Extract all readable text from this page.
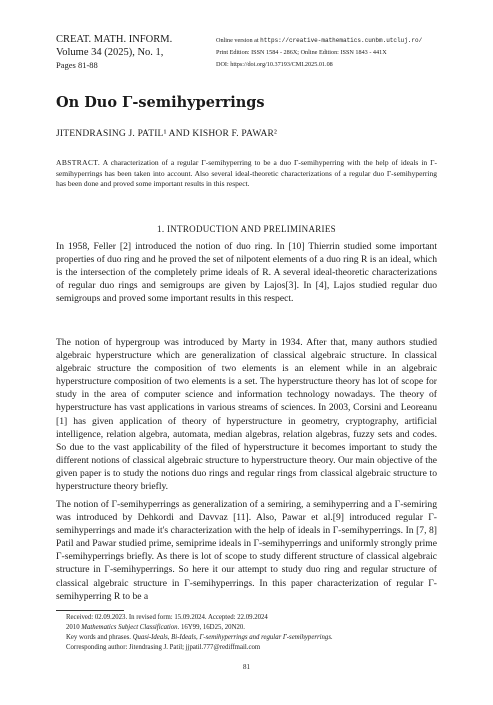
CREAT. MATH. INFORM.
Volume 34 (2025), No. 1,
Pages 81-88
Online version at https://creative-mathematics.cunbm.utcluj.ro/
Print Edition: ISSN 1584 - 286X; Online Edition: ISSN 1843 - 441X
DOI: https://doi.org/10.37193/CMI.2025.01.08
On Duo Γ-semihyperrings
JITENDRASING J. PATIL¹ AND KISHOR F. PAWAR²
ABSTRACT. A characterization of a regular Γ-semihyperring to be a duo Γ-semihyperring with the help of ideals in Γ-semihyperrings has been taken into account. Also several ideal-theoretic characterizations of a regular duo Γ-semihyperring has been done and proved some important results in this respect.
1. INTRODUCTION AND PRELIMINARIES
In 1958, Feller [2] introduced the notion of duo ring. In [10] Thierrin studied some important properties of duo ring and he proved the set of nilpotent elements of a duo ring R is an ideal, which is the intersection of the completely prime ideals of R. A several ideal-theoretic characterizations of regular duo rings and semigroups are given by Lajos[3]. In [4], Lajos studied regular duo semigroups and proved some important results in this respect.
The notion of hypergroup was introduced by Marty in 1934. After that, many authors studied algebraic hyperstructure which are generalization of classical algebraic structure. In classical algebraic structure the composition of two elements is an element while in an algebraic hyperstructure composition of two elements is a set. The hyperstructure theory has lot of scope for study in the area of computer science and information technology nowadays. The theory of hyperstructure has vast applications in various streams of sciences. In 2003, Corsini and Leoreanu [1] has given application of theory of hyperstructure in geometry, cryptography, artificial intelligence, relation algebra, automata, median algebras, relation algebras, fuzzy sets and codes. So due to the vast applicability of the filed of hyperstructure it becomes important to study the different notions of classical algebraic structure to hyperstructure theory. Our main objective of the given paper is to study the notions duo rings and regular rings from classical algebraic structure to hyperstructure theory briefly.
The notion of Γ-semihyperrings as generalization of a semiring, a semihyperring and a Γ-semiring was introduced by Dehkordi and Davvaz [11]. Also, Pawar et al.[9] introduced regular Γ-semihyperrings and made it's characterization with the help of ideals in Γ-semihyperrings. In [7, 8] Patil and Pawar studied prime, semiprime ideals in Γ-semihyperrings and uniformly strongly prime Γ-semihyperrings briefly. As there is lot of scope to study different structure of classical algebraic structure in Γ-semihyperrings. So here it our attempt to study duo ring and regular structure of classical algebraic structure in Γ-semihyperrings. In this paper characterization of regular Γ-semihyperring R to be a
Received: 02.09.2023. In revised form: 15.09.2024. Accepted: 22.09.2024
2010 Mathematics Subject Classification. 16Y99, 16D25, 20N20.
Key words and phrases. Quasi-Ideals, Bi-Ideals, Γ-semihyperrings and regular Γ-semihyperrings.
Corresponding author: Jitendrasing J. Patil; jjpatil.777@rediffmail.com
81
